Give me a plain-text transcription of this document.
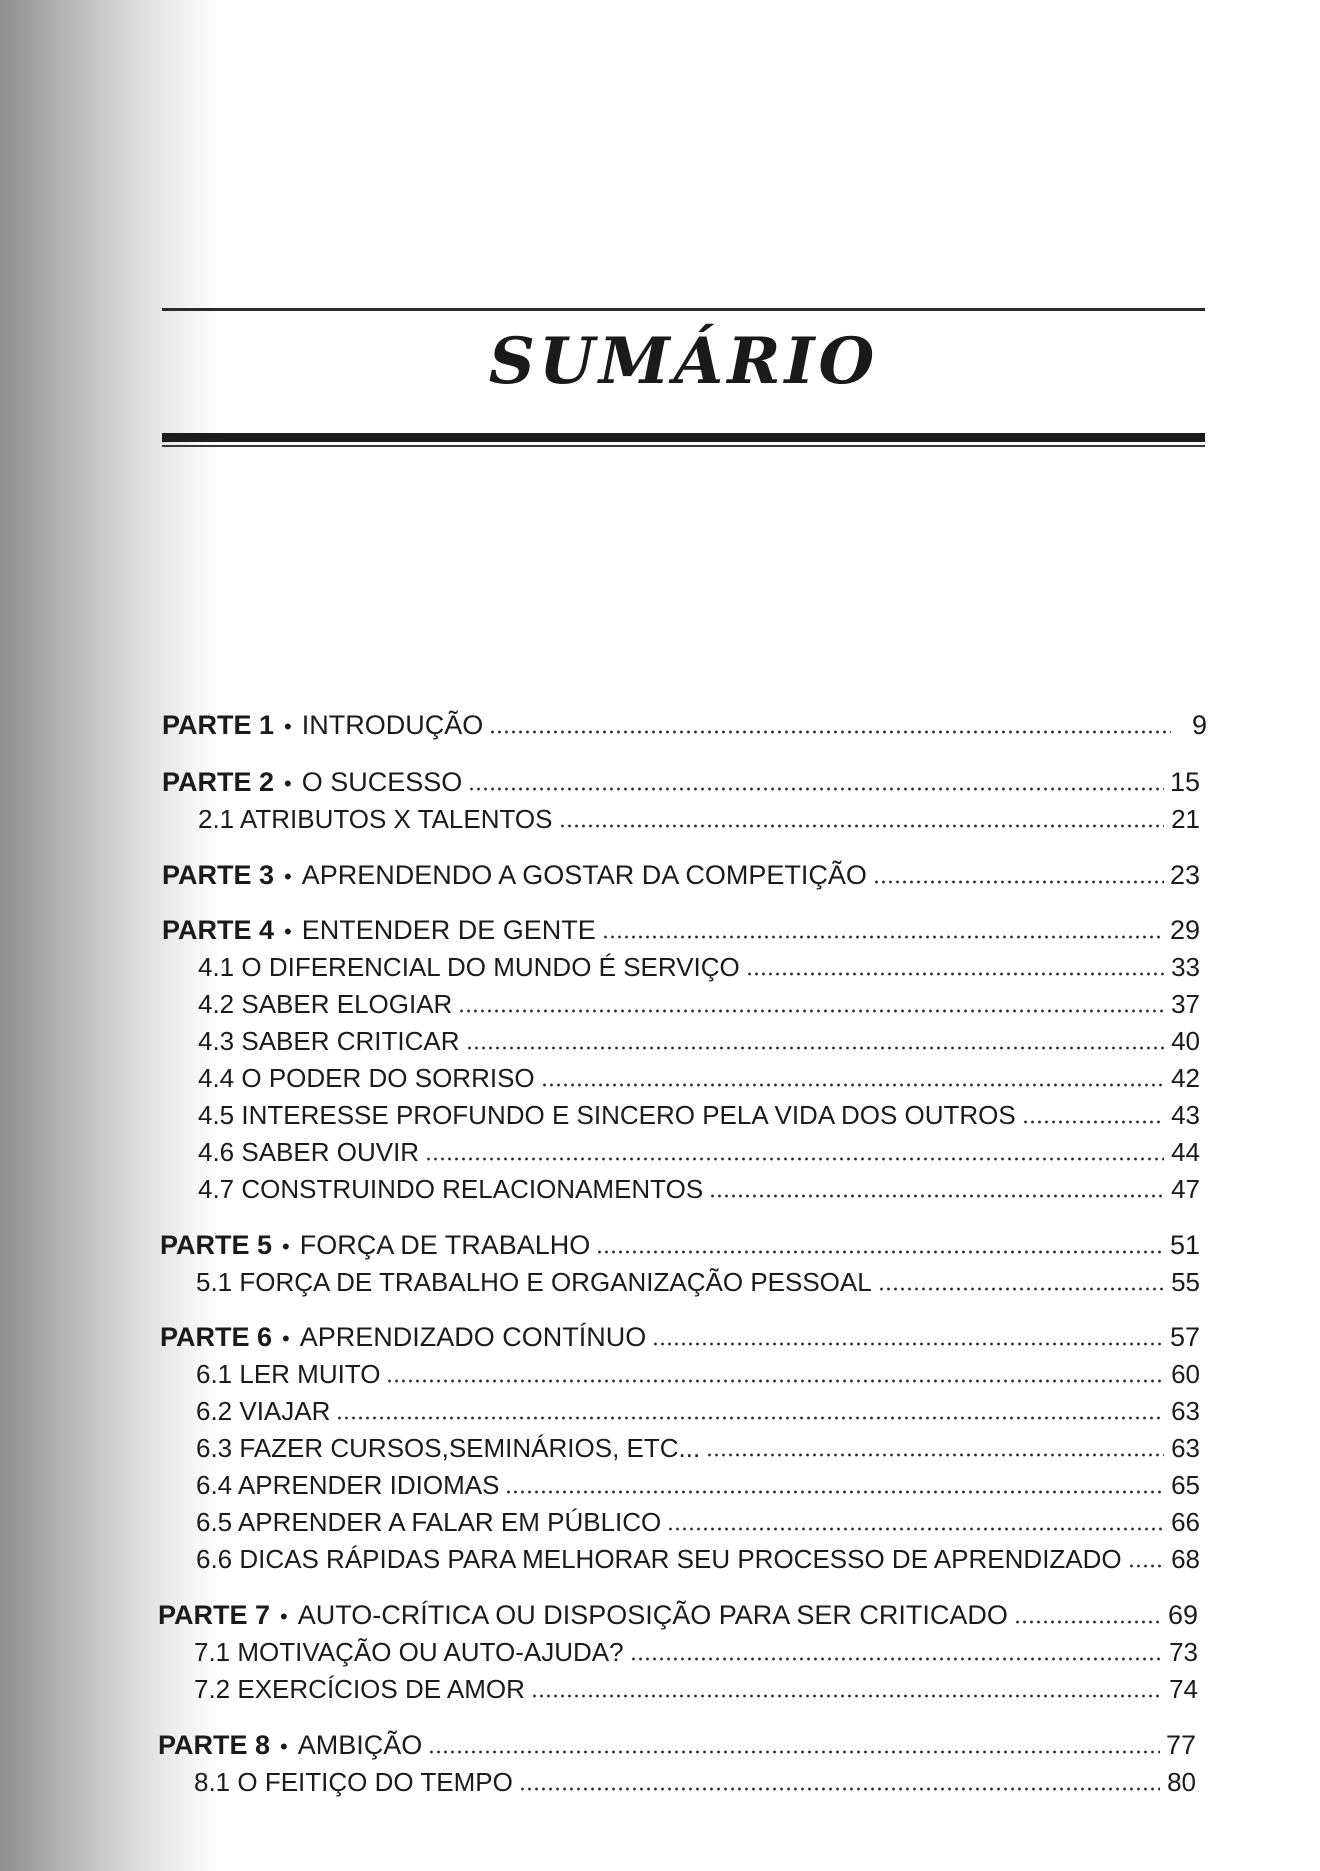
SUMÁRIO
PARTE 1 • INTRODUÇÃO	9
PARTE 2 • O SUCESSO	15
2.1 ATRIBUTOS X TALENTOS	21
PARTE 3 • APRENDENDO A GOSTAR DA COMPETIÇÃO	23
PARTE 4 • ENTENDER DE GENTE	29
4.1 O DIFERENCIAL DO MUNDO É SERVIÇO	33
4.2 SABER ELOGIAR	37
4.3 SABER CRITICAR	40
4.4 O PODER DO SORRISO	42
4.5 INTERESSE PROFUNDO E SINCERO PELA VIDA DOS OUTROS	43
4.6 SABER OUVIR	44
4.7 CONSTRUINDO RELACIONAMENTOS	47
PARTE 5 • FORÇA DE TRABALHO	51
5.1 FORÇA DE TRABALHO E ORGANIZAÇÃO PESSOAL	55
PARTE 6 • APRENDIZADO CONTÍNUO	57
6.1 LER MUITO	60
6.2 VIAJAR	63
6.3 FAZER CURSOS,SEMINÁRIOS, ETC...	63
6.4 APRENDER IDIOMAS	65
6.5 APRENDER A FALAR EM PÚBLICO	66
6.6 DICAS RÁPIDAS PARA MELHORAR SEU PROCESSO DE APRENDIZADO 68
PARTE 7 • AUTO-CRÍTICA OU DISPOSIÇÃO PARA SER CRITICADO	69
7.1 MOTIVAÇÃO OU AUTO-AJUDA?	73
7.2 EXERCÍCIOS DE AMOR	74
PARTE 8 • AMBIÇÃO	77
8.1 O FEITIÇO DO TEMPO	80
